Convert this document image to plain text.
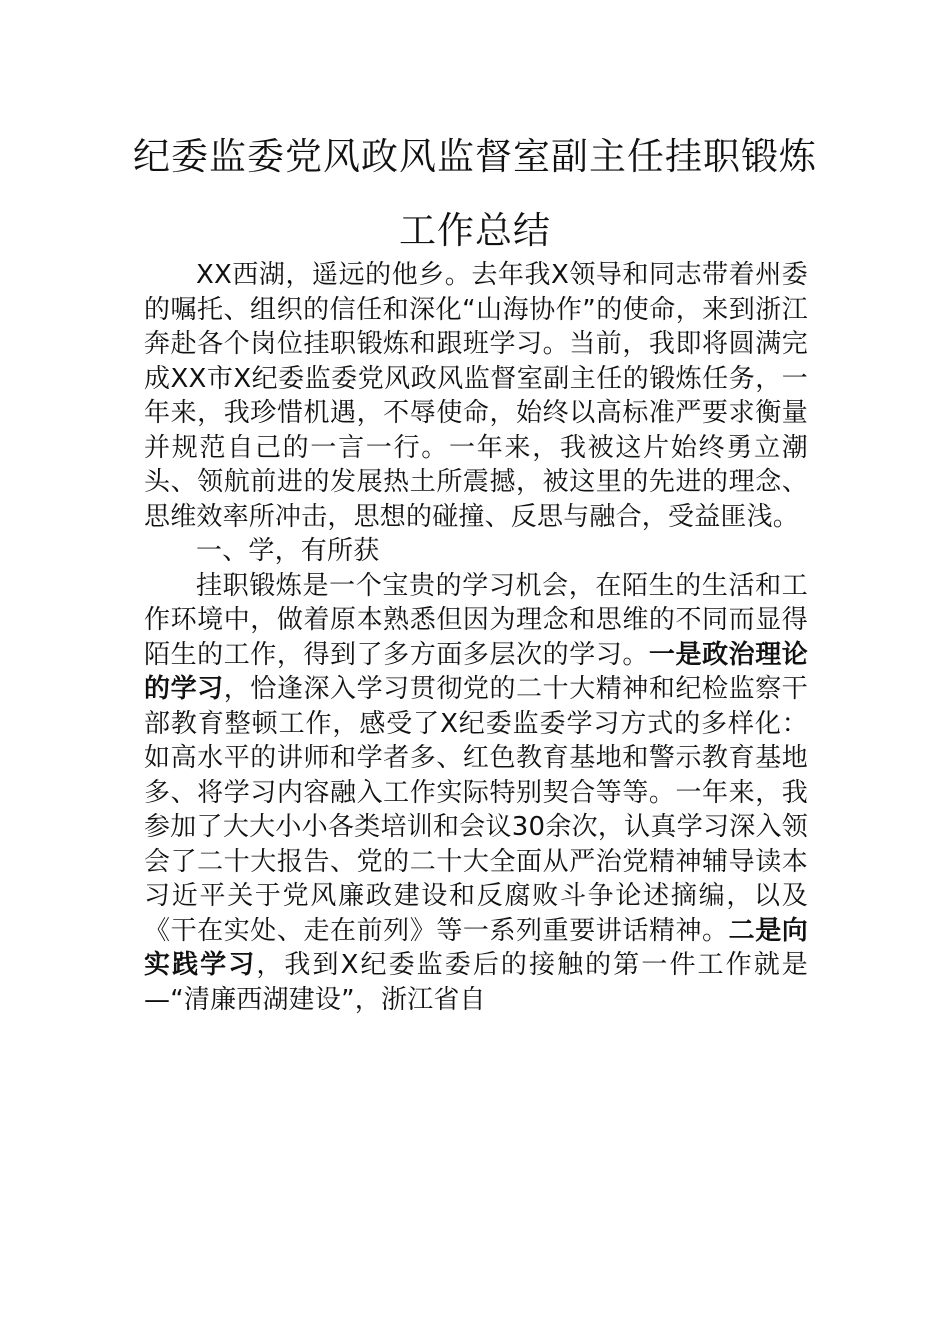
纪委监委党风政风监督室副主任挂职锻炼
工作总结

XX西湖，遥远的他乡。去年我X领导和同志带着州委的嘱托、组织的信任和深化“山海协作”的使命，来到浙江奔赴各个岗位挂职锻炼和跟班学习。当前，我即将圆满完成XX市X纪委监委党风政风监督室副主任的锻炼任务，一年来，我珍惜机遇，不辱使命，始终以高标准严要求衡量并规范自己的一言一行。一年来，我被这片始终勇立潮头、领航前进的发展热土所震撼，被这里的先进的理念、思维效率所冲击，思想的碰撞、反思与融合，受益匪浅。

一、学，有所获

挂职锻炼是一个宝贵的学习机会，在陌生的生活和工作环境中，做着原本熟悉但因为理念和思维的不同而显得陌生的工作，得到了多方面多层次的学习。一是政治理论的学习，恰逢深入学习贯彻党的二十大精神和纪检监察干部教育整顿工作，感受了X纪委监委学习方式的多样化：如高水平的讲师和学者多、红色教育基地和警示教育基地多、将学习内容融入工作实际特别契合等等。一年来，我参加了大大小小各类培训和会议30余次，认真学习深入领会了二十大报告、党的二十大全面从严治党精神辅导读本习近平关于党风廉政建设和反腐败斗争论述摘编，以及《干在实处、走在前列》等一系列重要讲话精神。二是向实践学习，我到X纪委监委后的接触的第一件工作就是—“清廉西湖建设”，浙江省自
